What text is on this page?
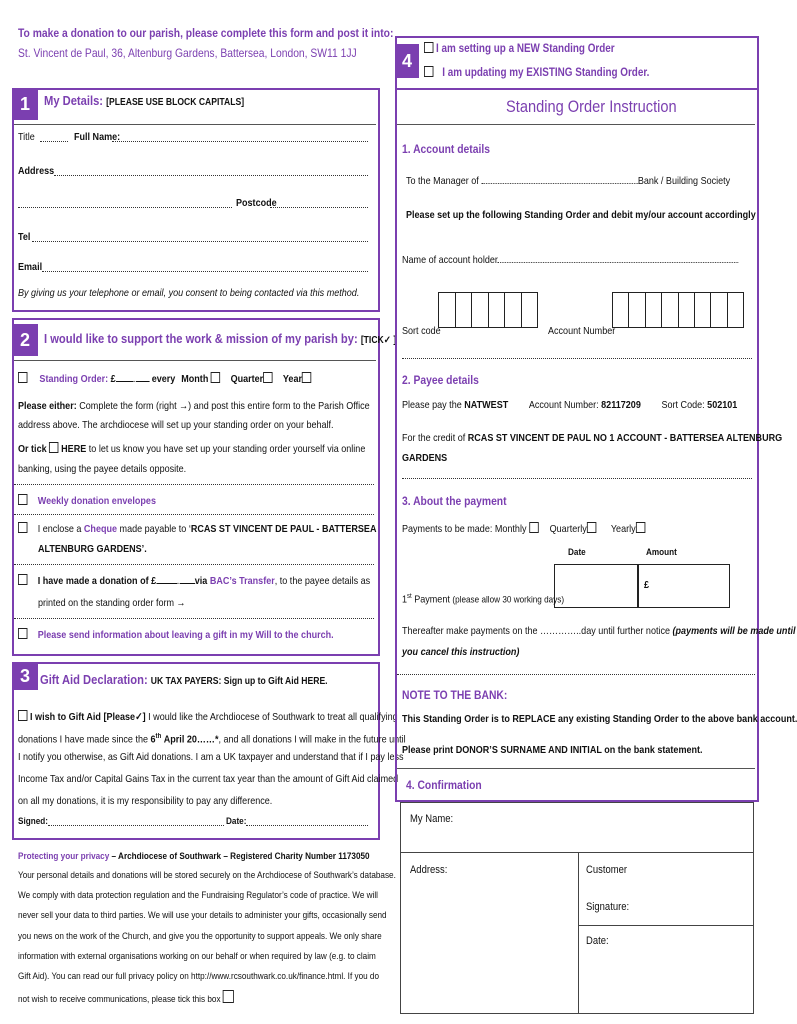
To make a donation to our parish, please complete this form and post it into:
St. Vincent de Paul, 36, Altenburg Gardens, Battersea, London, SW11 1JJ
1	My Details: [PLEASE USE BLOCK CAPITALS]
Title	Full Name:
Address
Postcode
Tel
Email
By giving us your telephone or email, you consent to being contacted via this method.
2	I would like to support the work & mission of my parish by: [TICK✓ ]
Standing Order: £ . every Month Quarter Year
Please either: Complete the form (right →) and post this entire form to the Parish Office
address above. The archdiocese will set up your standing order on your behalf.
Or tick HERE to let us know you have set up your standing order yourself via online
banking, using the payee details opposite.
Weekly donation envelopes
I enclose a Cheque made payable to ‘RCAS ST VINCENT DE PAUL - BATTERSEA
ALTENBURG GARDENS’.
I have made a donation of £ . via BAC’s Transfer, to the payee details as
printed on the standing order form →
Please send information about leaving a gift in my Will to the church.
3 Gift Aid Declaration: UK TAX PAYERS: Sign up to Gift Aid HERE.
I wish to Gift Aid [Please✓] I would like the Archdiocese of Southwark to treat all qualifying
donations I have made since the 6th April 20……*, and all donations I will make in the future until
I notify you otherwise, as Gift Aid donations. I am a UK taxpayer and understand that if I pay less
Income Tax and/or Capital Gains Tax in the current tax year than the amount of Gift Aid claimed
on all my donations, it is my responsibility to pay any difference.
Signed:	Date:
Protecting your privacy – Archdiocese of Southwark – Registered Charity Number 1173050
Your personal details and donations will be stored securely on the Archdiocese of Southwark’s database.
We comply with data protection regulation and the Fundraising Regulator’s code of practice. We will
never sell your data to third parties. We will use your details to administer your gifts, occasionally send
you news on the work of the Church, and give you the opportunity to support appeals. We only share
information with external organisations working on our behalf or when required by law (e.g. to claim
Gift Aid). You can read our full privacy policy on http://www.rcsouthwark.co.uk/finance.html. If you do
not wish to receive communications, please tick this box
4
I am setting up a NEW Standing Order
I am updating my EXISTING Standing Order.
Standing Order Instruction
1. Account details
To the Manager of	Bank / Building Society
Please set up the following Standing Order and debit my/our account accordingly
Name of account holder
Sort code	Account Number
2. Payee details
Please pay the NATWEST Account Number: 82117209 Sort Code: 502101
For the credit of RCAS ST VINCENT DE PAUL NO 1 ACCOUNT - BATTERSEA ALTENBURG
GARDENS
3. About the payment
Payments to be made: Monthly Quarterly Yearly
Date	Amount
£
1st Payment (please allow 30 working days)
Thereafter make payments on the …………..day until further notice (payments will be made until
you cancel this instruction)
NOTE TO THE BANK:
This Standing Order is to REPLACE any existing Standing Order to the above bank account.
Please print DONOR’S SURNAME AND INITIAL on the bank statement.
4. Confirmation
My Name:
Address:	Customer
Signature:
Date:
